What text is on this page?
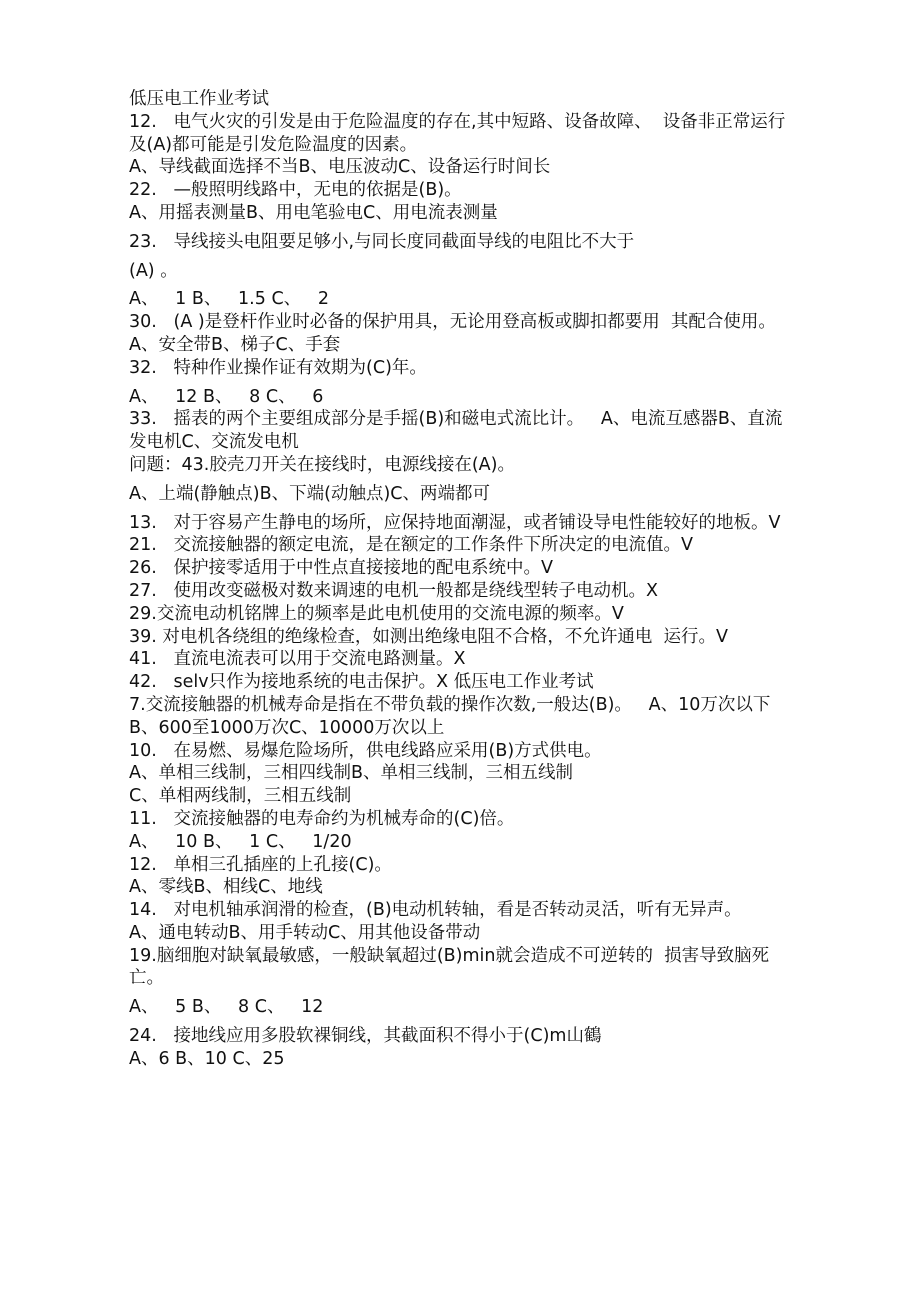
低压电工作业考试
12.   电气火灾的引发是由于危险温度的存在,其中短路、设备故障、  设备非正常运行及(A)都可能是引发危险温度的因素。
A、导线截面选择不当B、电压波动C、设备运行时间长
22.   —般照明线路中，无电的依据是(B)。
A、用摇表测量B、用电笔验电C、用电流表测量
23.   导线接头电阻要足够小,与同长度同截面导线的电阻比不大于
(A) 。
A、   1 B、   1.5 C、   2
30.   (A )是登杆作业时必备的保护用具，无论用登高板或脚扣都要用  其配合使用。
A、安全带B、梯子C、手套
32.   特种作业操作证有效期为(C)年。
A、   12 B、   8 C、   6
33.   摇表的两个主要组成部分是手摇(B)和磁电式流比计。   A、电流互感器B、直流发电机C、交流发电机
问题：43.胶壳刀开关在接线时，电源线接在(A)。
A、上端(静触点)B、下端(动触点)C、两端都可
13.   对于容易产生静电的场所，应保持地面潮湿，或者铺设导电性能较好的地板。V
21.   交流接触器的额定电流，是在额定的工作条件下所决定的电流值。V
26.   保护接零适用于中性点直接接地的配电系统中。V
27.   使用改变磁极对数来调速的电机一般都是绕线型转子电动机。X
29.交流电动机铭牌上的频率是此电机使用的交流电源的频率。V
39. 对电机各绕组的绝缘检查，如测出绝缘电阻不合格，不允许通电  运行。V
41.   直流电流表可以用于交流电路测量。X
42.   selv只作为接地系统的电击保护。X 低压电工作业考试
7.交流接触器的机械寿命是指在不带负载的操作次数,一般达(B)。   A、10万次以下B、600至1000万次C、10000万次以上
10.   在易燃、易爆危险场所，供电线路应采用(B)方式供电。
A、单相三线制，三相四线制B、单相三线制，三相五线制
C、单相两线制，三相五线制
11.   交流接触器的电寿命约为机械寿命的(C)倍。
A、   10 B、   1 C、   1/20
12.   单相三孔插座的上孔接(C)。
A、零线B、相线C、地线
14.   对电机轴承润滑的检查，(B)电动机转轴，看是否转动灵活，听有无异声。
A、通电转动B、用手转动C、用其他设备带动
19.脑细胞对缺氧最敏感，一般缺氧超过(B)min就会造成不可逆转的  损害导致脑死亡。
A、   5 B、   8 C、   12
24.   接地线应用多股软裸铜线，其截面积不得小于(C)m山鶴
A、6 B、10 C、25
